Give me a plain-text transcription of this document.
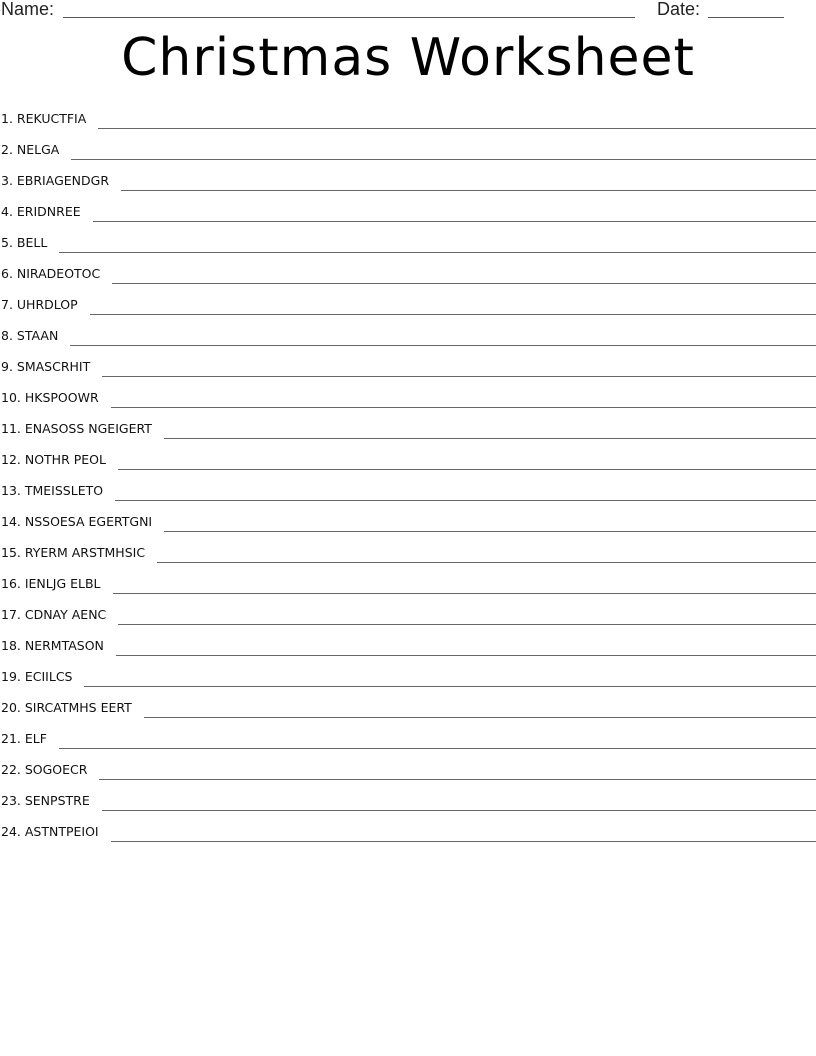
Name:	Date:
Christmas Worksheet
1. REKUCTFIA
2. NELGA
3. EBRIAGENDGR
4. ERIDNREE
5. BELL
6. NIRADEOTOC
7. UHRDLOP
8. STAAN
9. SMASCRHIT
10. HKSPOOWR
11. ENASOSS NGEIGERT
12. NOTHR PEOL
13. TMEISSLETO
14. NSSOESA EGERTGNI
15. RYERM ARSTMHSIC
16. IENLJG ELBL
17. CDNAY AENC
18. NERMTASON
19. ECIILCS
20. SIRCATMHS EERT
21. ELF
22. SOGOECR
23. SENPSTRE
24. ASTNTPEIOI
